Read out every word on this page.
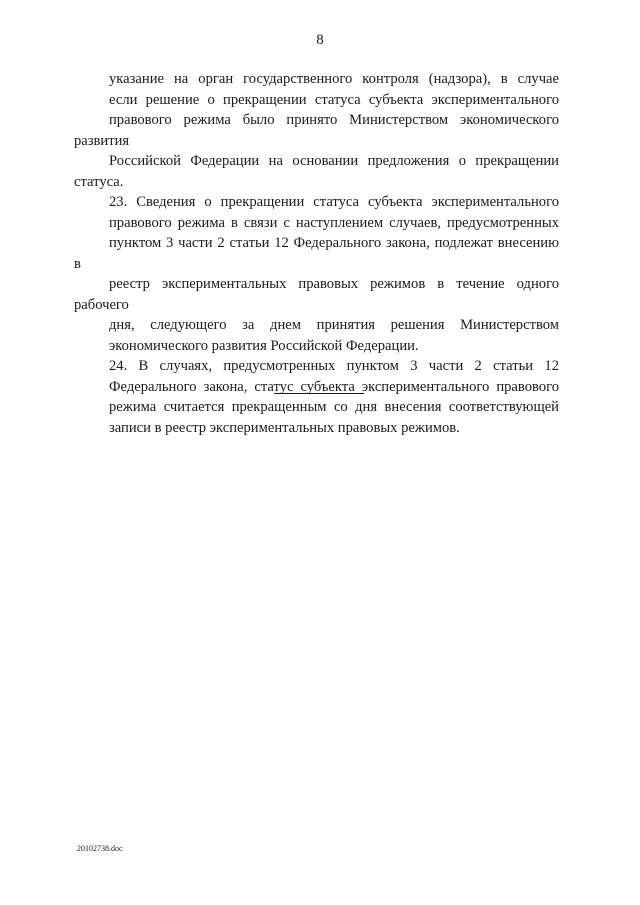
8

указание на орган государственного контроля (надзора), в случае
если решение о прекращении статуса субъекта экспериментального
правового режима было принято Министерством экономического развития
Российской Федерации на основании предложения о прекращении статуса.

23. Сведения о прекращении статуса субъекта экспериментального
правового режима в связи с наступлением случаев, предусмотренных
пунктом 3 части 2 статьи 12 Федерального закона, подлежат внесению в
реестр экспериментальных правовых режимов в течение одного рабочего
дня, следующего за днем принятия решения Министерством
экономического развития Российской Федерации.

24. В случаях, предусмотренных пунктом 3 части 2 статьи 12
Федерального закона, статус субъекта экспериментального правового
режима считается прекращенным со дня внесения соответствующей
записи в реестр экспериментальных правовых режимов.

20102738.doc
